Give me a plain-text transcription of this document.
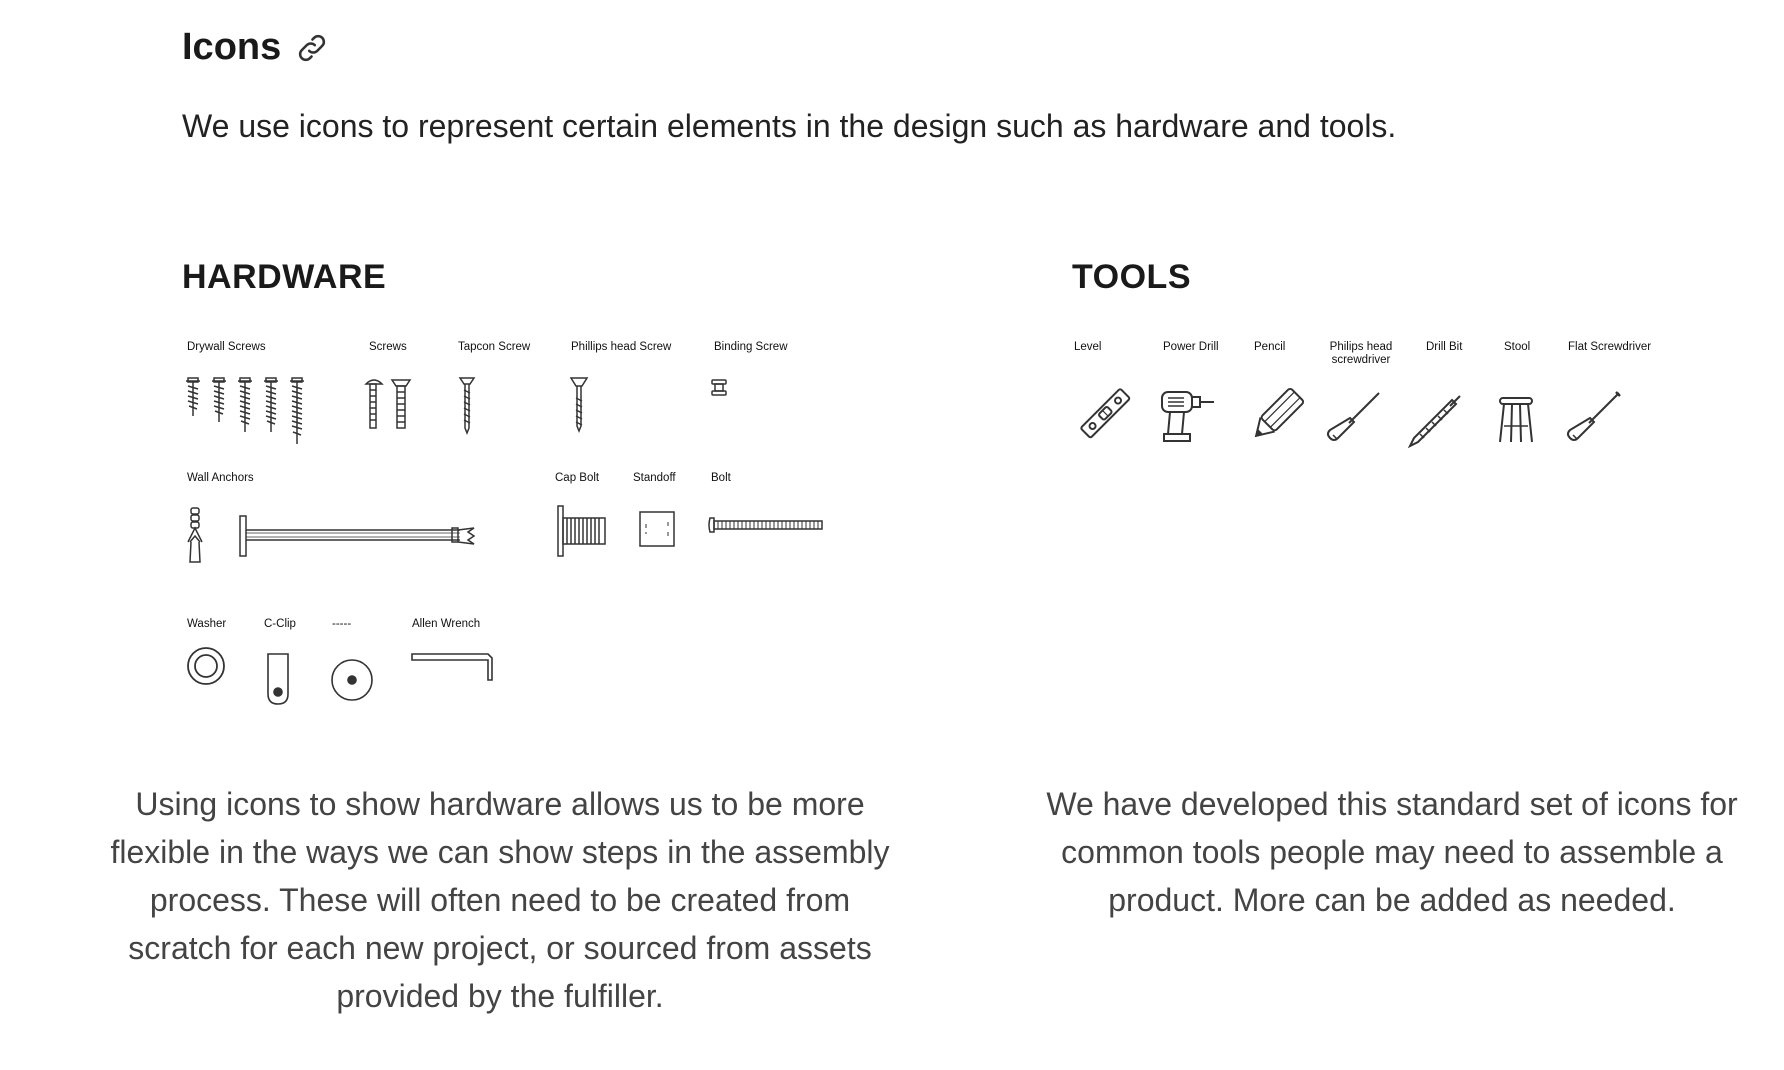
Icons

We use icons to represent certain elements in the design such as hardware and tools.

HARDWARE
Drywall Screws	Screws	Tapcon Screw	Phillips head Screw	Binding Screw
Wall Anchors	Cap Bolt	Standoff	Bolt
Washer	C-Clip	-----	Allen Wrench

Using icons to show hardware allows us to be more flexible in the ways we can show steps in the assembly process. These will often need to be created from scratch for each new project, or sourced from assets provided by the fulfiller.

TOOLS
Level	Power Drill	Pencil	Philips head screwdriver
Drill Bit	Stool	Flat Screwdriver

We have developed this standard set of icons for common tools people may need to assemble a product. More can be added as needed.
